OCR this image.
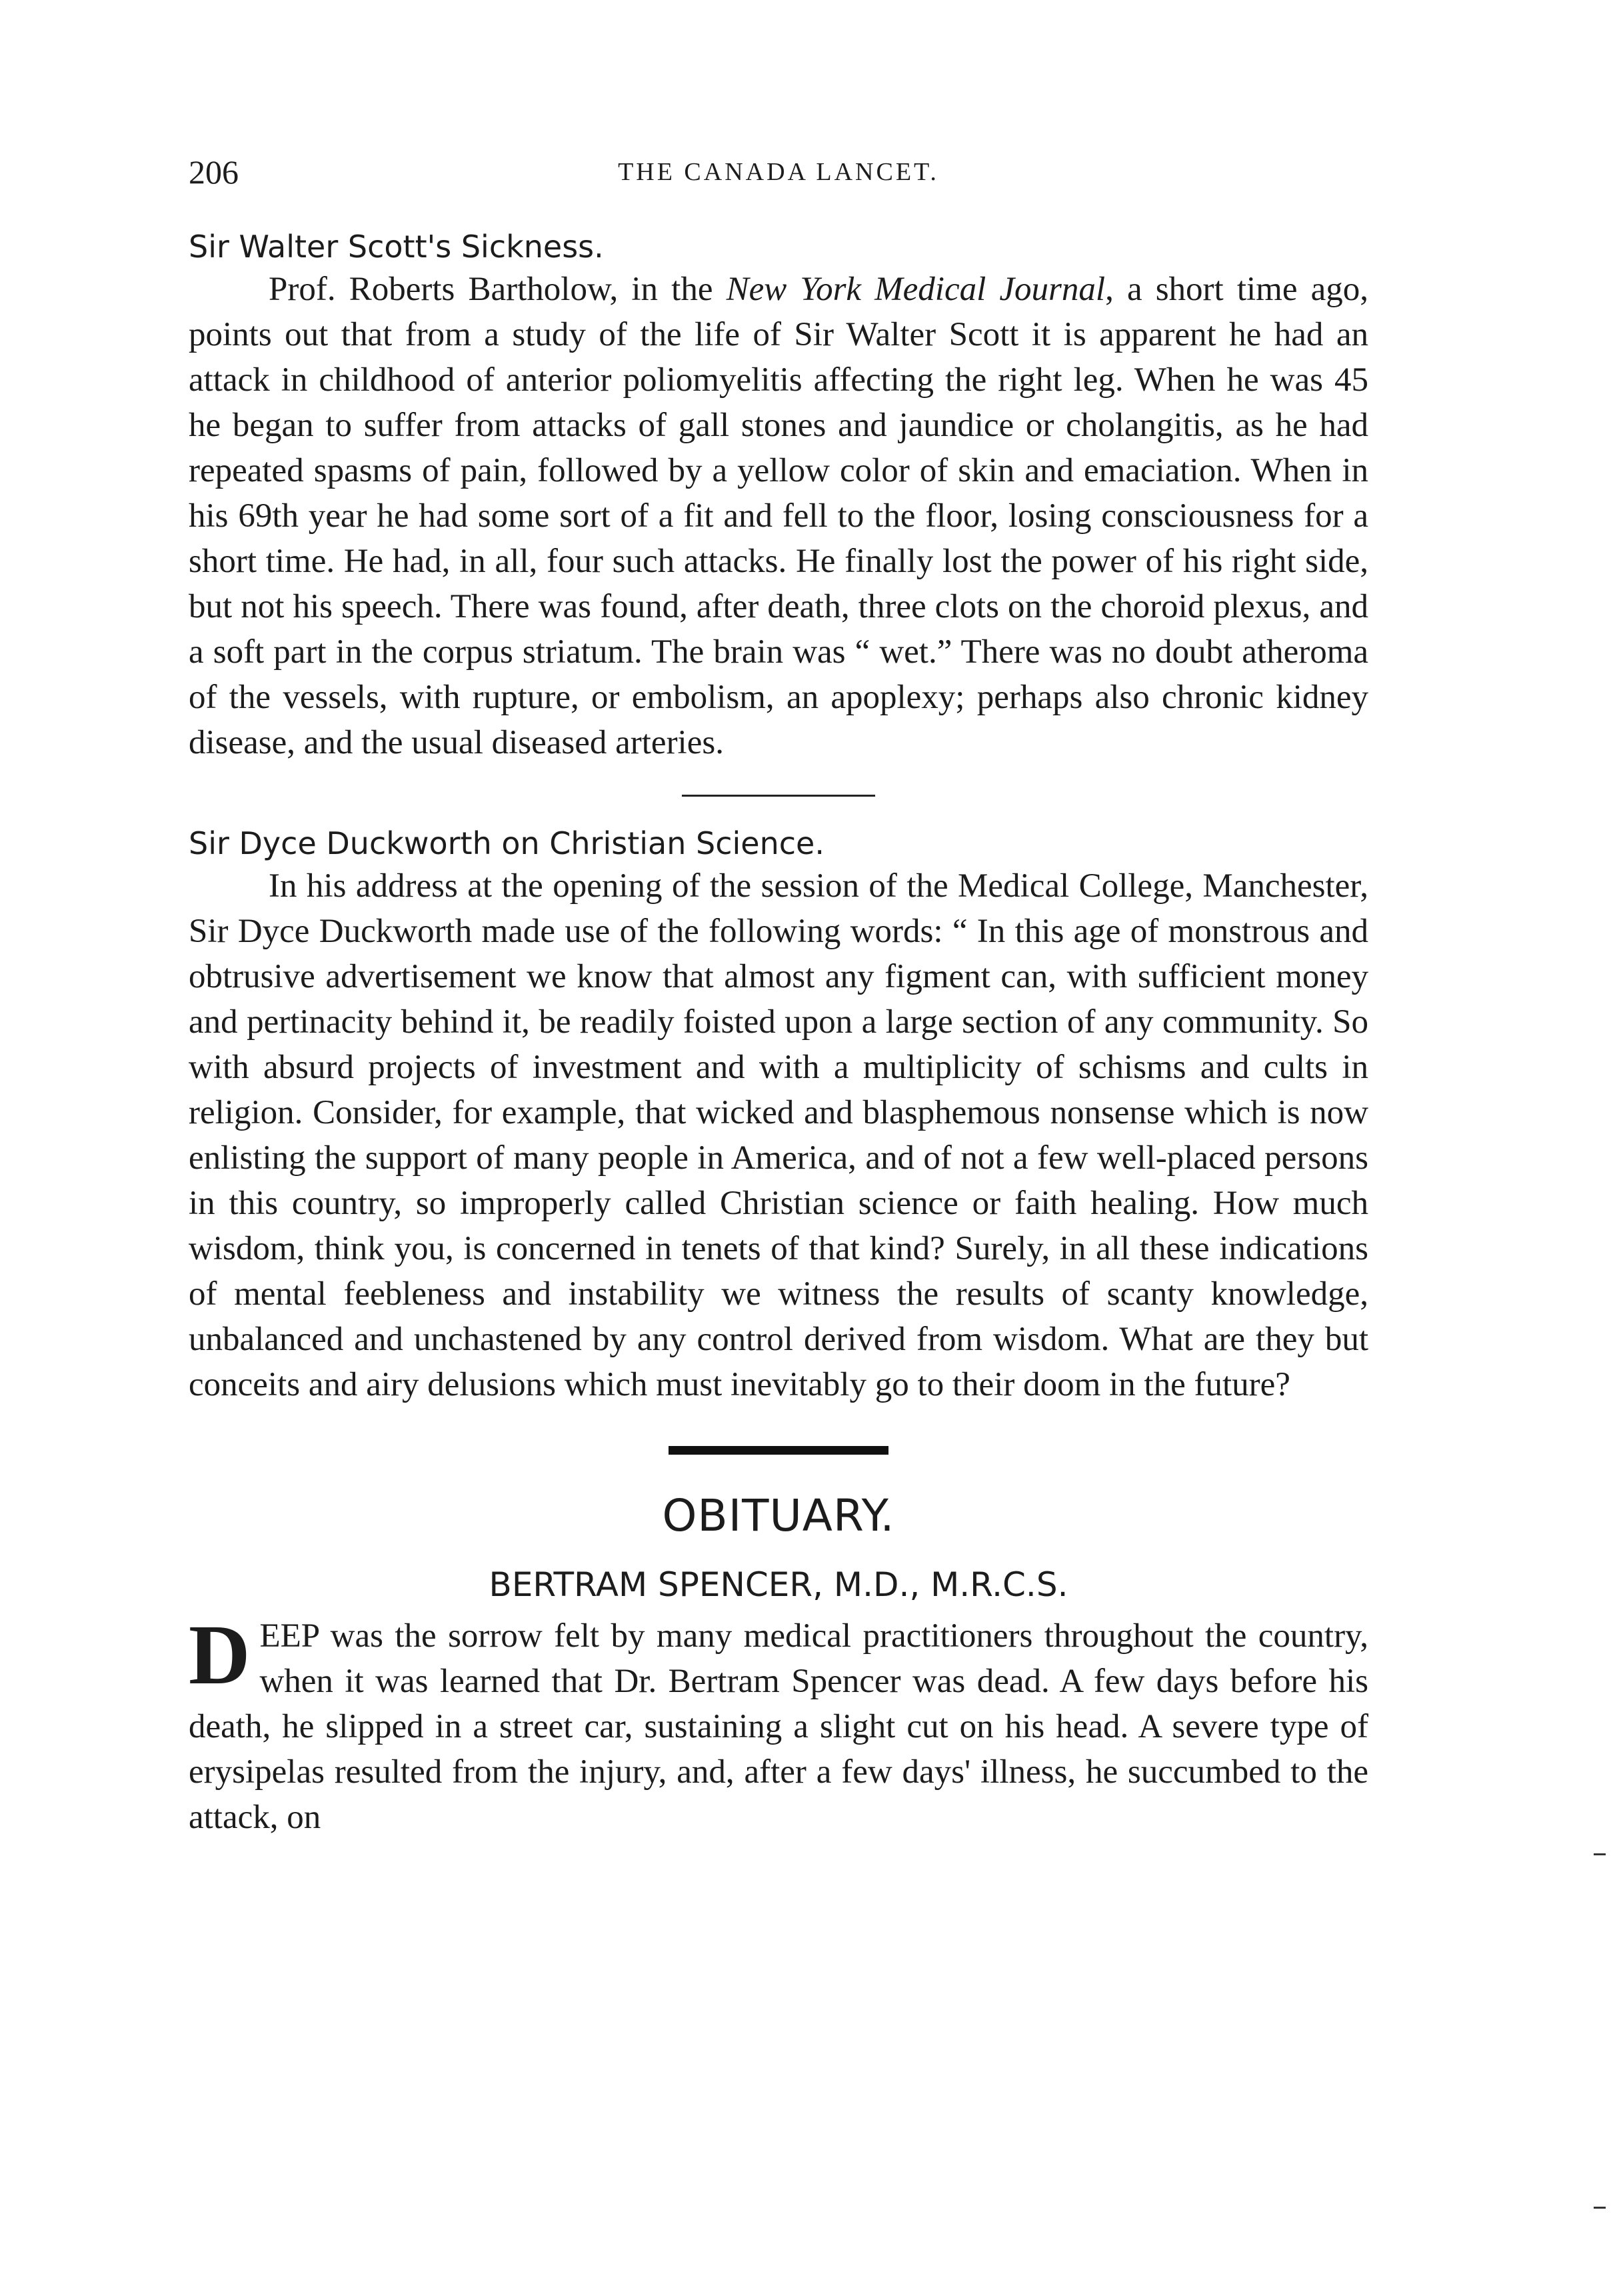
206	THE CANADA LANCET.
Sir Walter Scott's Sickness.

Prof. Roberts Bartholow, in the New York Medical Journal, a short time ago, points out that from a study of the life of Sir Walter Scott it is apparent he had an attack in childhood of anterior poliomyelitis affecting the right leg. When he was 45 he began to suffer from attacks of gall stones and jaundice or cholangitis, as he had repeated spasms of pain, followed by a yellow color of skin and emaciation. When in his 69th year he had some sort of a fit and fell to the floor, losing consciousness for a short time. He had, in all, four such attacks. He finally lost the power of his right side, but not his speech. There was found, after death, three clots on the choroid plexus, and a soft part in the corpus striatum. The brain was “ wet.” There was no doubt atheroma of the vessels, with rupture, or embolism, an apoplexy; perhaps also chronic kidney disease, and the usual diseased arteries.

Sir Dyce Duckworth on Christian Science.

In his address at the opening of the session of the Medical College, Manchester, Sir Dyce Duckworth made use of the following words: “ In this age of monstrous and obtrusive advertisement we know that almost any figment can, with sufficient money and pertinacity behind it, be readily foisted upon a large section of any community. So with absurd projects of investment and with a multiplicity of schisms and cults in religion. Consider, for example, that wicked and blasphemous nonsense which is now enlisting the support of many people in America, and of not a few well-placed persons in this country, so improperly called Christian science or faith healing. How much wisdom, think you, is concerned in tenets of that kind? Surely, in all these indications of mental feebleness and instability we witness the results of scanty knowledge, unbalanced and unchastened by any control derived from wisdom. What are they but conceits and airy delusions which must inevitably go to their doom in the future?

OBITUARY.
BERTRAM SPENCER, M.D., M.R.C.S.

DEEP was the sorrow felt by many medical practitioners throughout the country, when it was learned that Dr. Bertram Spencer was dead. A few days before his death, he slipped in a street car, sustaining a slight cut on his head. A severe type of erysipelas resulted from the injury, and, after a few days' illness, he succumbed to the attack, on
